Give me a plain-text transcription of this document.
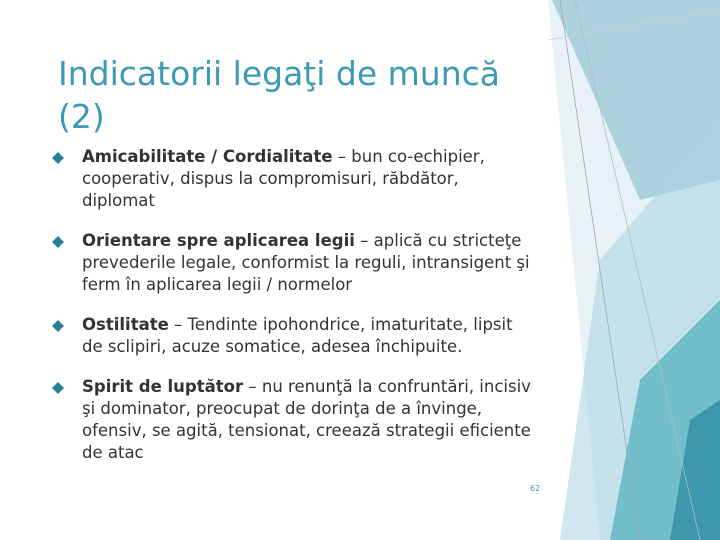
Indicatorii legaţi de muncă
(2)
Amicabilitate / Cordialitate – bun co-echipier, cooperativ, dispus la compromisuri, răbdător, diplomat
Orientare spre aplicarea legii – aplică cu stricteţe prevederile legale, conformist la reguli, intransigent şi ferm în aplicarea legii / normelor
Ostilitate – Tendinte ipohondrice, imaturitate, lipsit de sclipiri, acuze somatice, adesea închipuite.
Spirit de luptător – nu renunţă la confruntări, incisiv şi dominator, preocupat de dorinţa de a învinge, ofensiv, se agită, tensionat, creează strategii eficiente de atac
62
